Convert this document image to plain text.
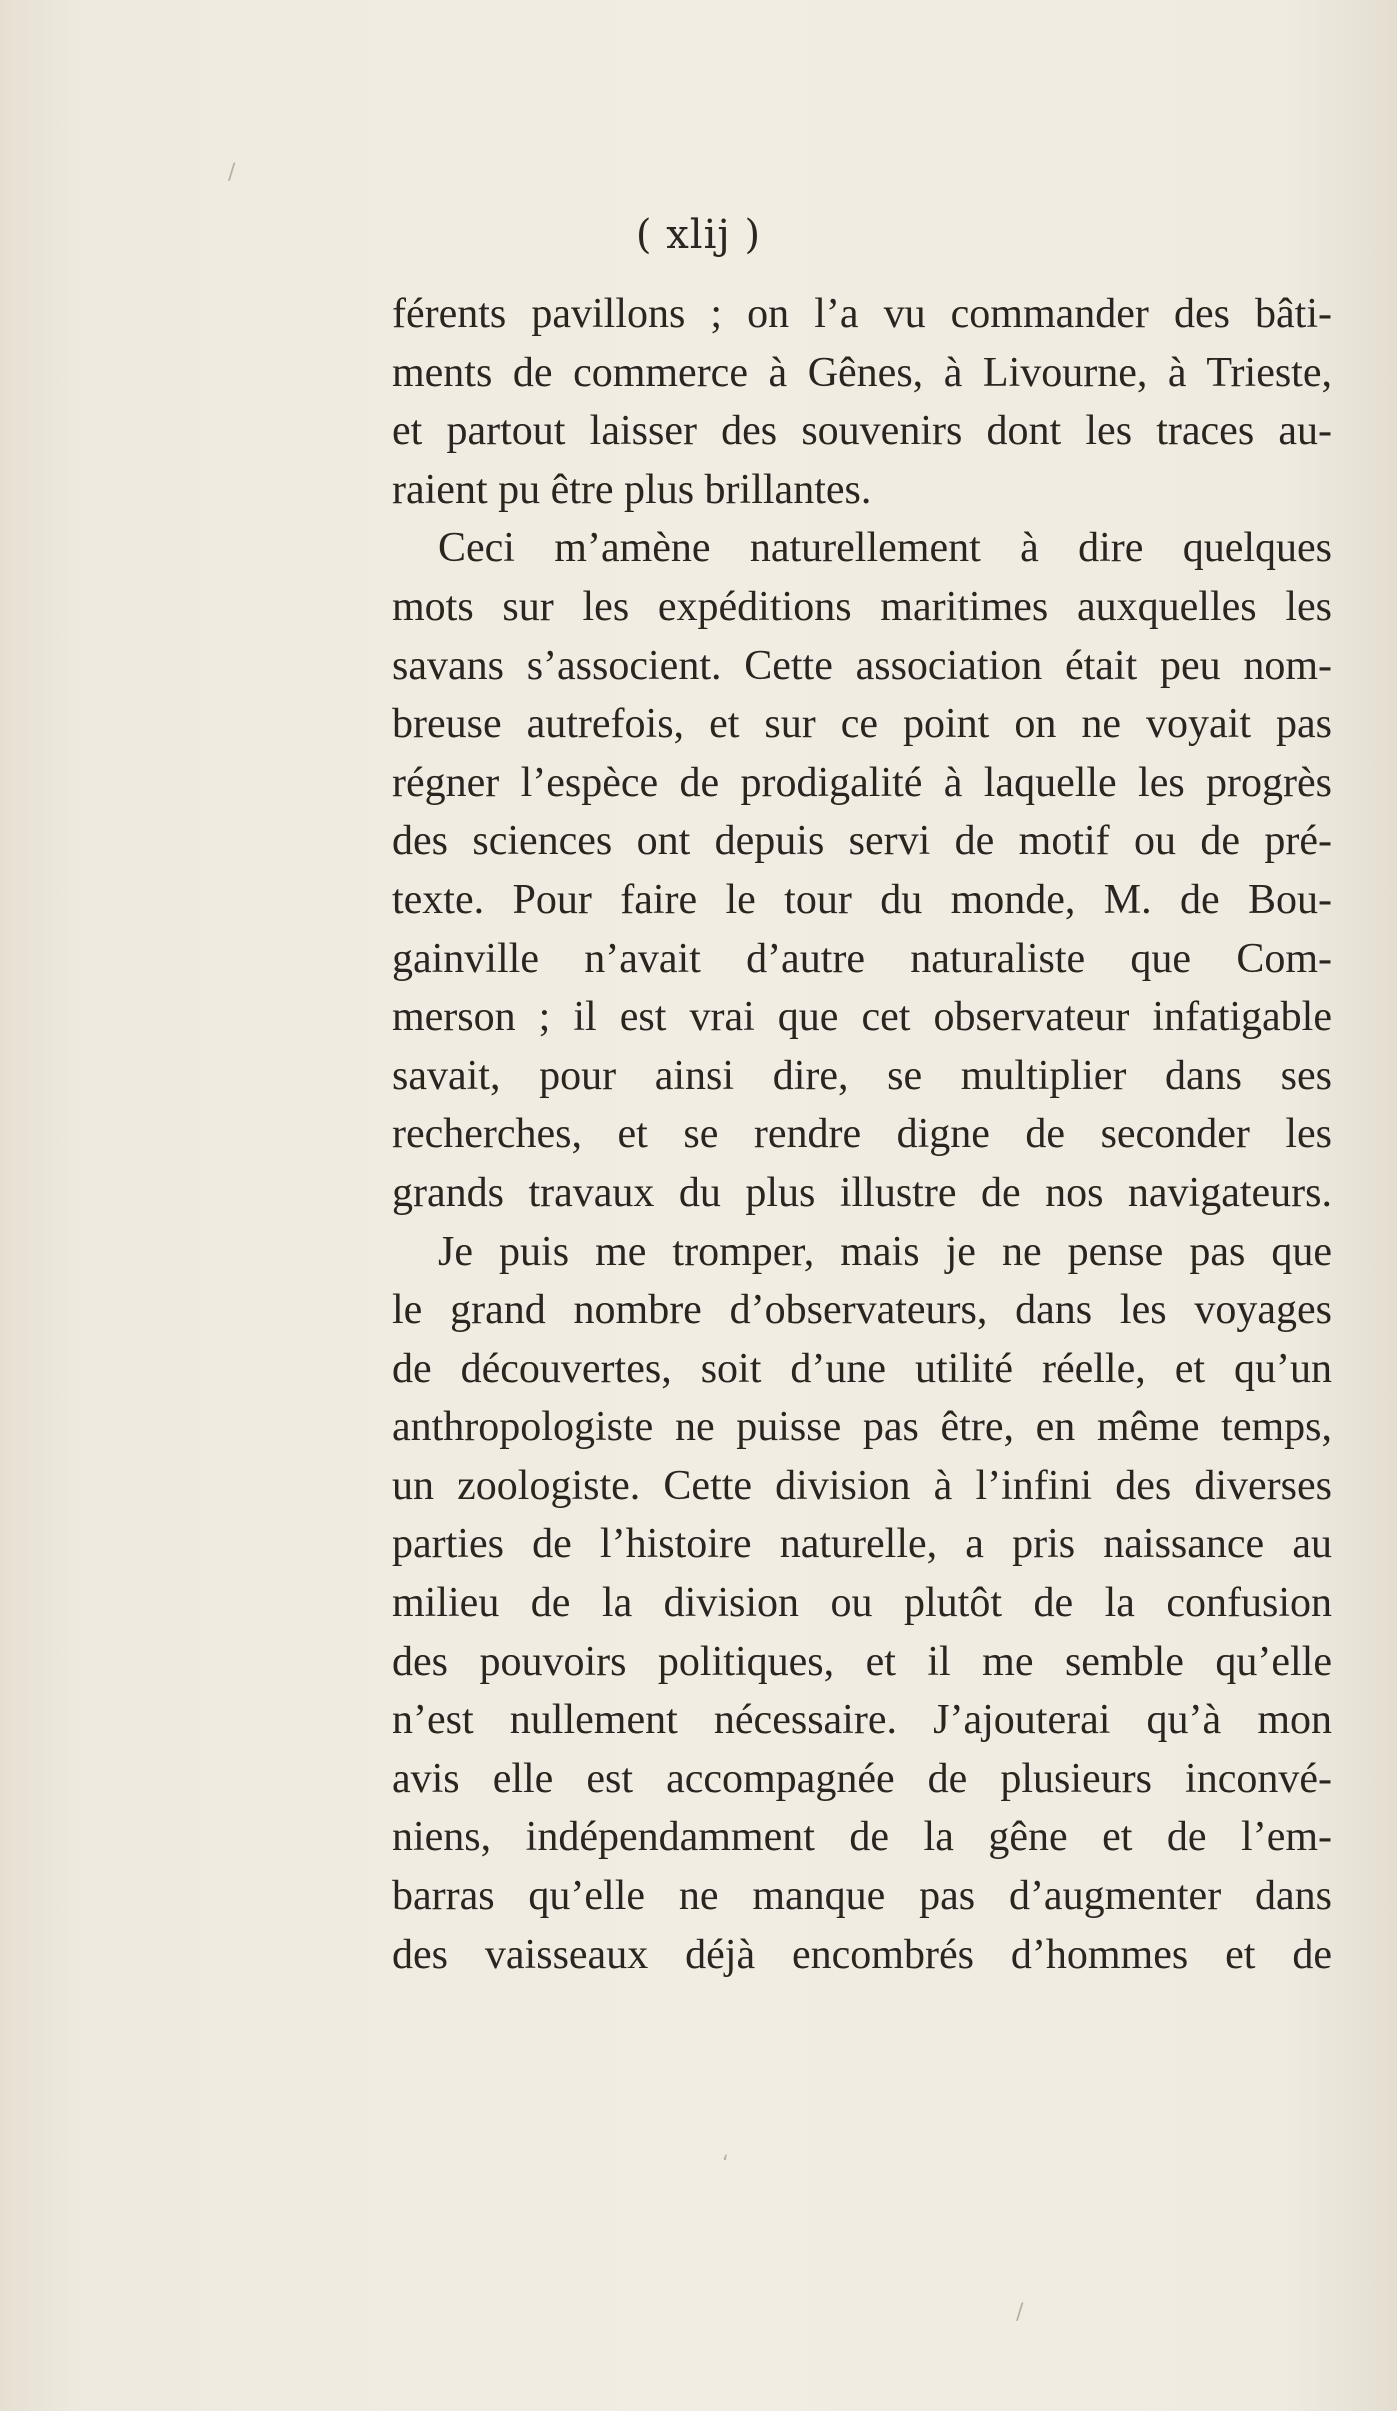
/
/
‘
( xlij )
férents pavillons ; on l’a vu commander des bâti-
ments de commerce à Gênes, à Livourne, à Trieste,
et partout laisser des souvenirs dont les traces au-
raient pu être plus brillantes.
Ceci m’amène naturellement à dire quelques
mots sur les expéditions maritimes auxquelles les
savans s’associent. Cette association était peu nom-
breuse autrefois, et sur ce point on ne voyait pas
régner l’espèce de prodigalité à laquelle les progrès
des sciences ont depuis servi de motif ou de pré-
texte. Pour faire le tour du monde, M. de Bou-
gainville n’avait d’autre naturaliste que Com-
merson ; il est vrai que cet observateur infatigable
savait, pour ainsi dire, se multiplier dans ses
recherches, et se rendre digne de seconder les
grands travaux du plus illustre de nos navigateurs.
Je puis me tromper, mais je ne pense pas que
le grand nombre d’observateurs, dans les voyages
de découvertes, soit d’une utilité réelle, et qu’un
anthropologiste ne puisse pas être, en même temps,
un zoologiste. Cette division à l’infini des diverses
parties de l’histoire naturelle, a pris naissance au
milieu de la division ou plutôt de la confusion
des pouvoirs politiques, et il me semble qu’elle
n’est nullement nécessaire. J’ajouterai qu’à mon
avis elle est accompagnée de plusieurs inconvé-
niens, indépendamment de la gêne et de l’em-
barras qu’elle ne manque pas d’augmenter dans
des vaisseaux déjà encombrés d’hommes et de
